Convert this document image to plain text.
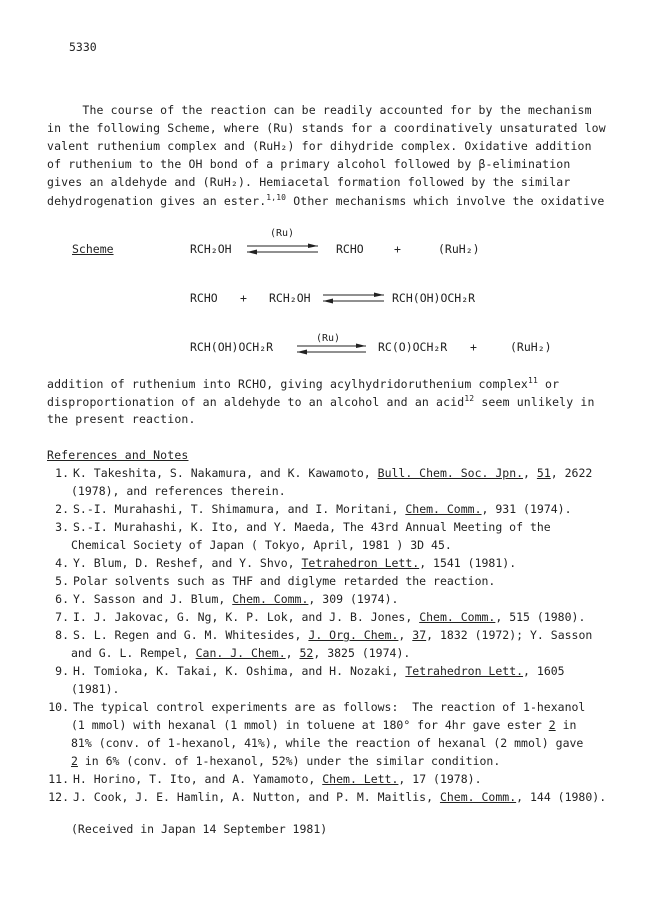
5330
The course of the reaction can be readily accounted for by the mechanism
in the following Scheme, where (Ru) stands for a coordinatively unsaturated low
valent ruthenium complex and (RuH₂) for dihydride complex. Oxidative addition
of ruthenium to the OH bond of a primary alcohol followed by β-elimination
gives an aldehyde and (RuH₂). Hemiacetal formation followed by the similar
dehydrogenation gives an ester.$^{1,10}$ Other mechanisms which involve the oxidative
Scheme	RCH₂OH
(Ru)
RCHO	+	(RuH₂)
RCHO + RCH₂OH	RCH(OH)OCH₂R
RCH(OH)OCH₂R
(Ru)
RC(O)OCH₂R +	(RuH₂)
addition of ruthenium into RCHO, giving acylhydridoruthenium complex$^{11}$ or
disproportionation of an aldehyde to an alcohol and an acid$^{12}$ seem unlikely in
the present reaction.
References and Notes
1. K. Takeshita, S. Nakamura, and K. Kawamoto, Bull. Chem. Soc. Jpn., 51, 2622
(1978), and references therein.
2. S.-I. Murahashi, T. Shimamura, and I. Moritani, Chem. Comm., 931 (1974).
3. S.-I. Murahashi, K. Ito, and Y. Maeda, The 43rd Annual Meeting of the
Chemical Society of Japan ( Tokyo, April, 1981 ) 3D 45.
4. Y. Blum, D. Reshef, and Y. Shvo, Tetrahedron Lett., 1541 (1981).
5. Polar solvents such as THF and diglyme retarded the reaction.
6. Y. Sasson and J. Blum, Chem. Comm., 309 (1974).
7. I. J. Jakovac, G. Ng, K. P. Lok, and J. B. Jones, Chem. Comm., 515 (1980).
8. S. L. Regen and G. M. Whitesides, J. Org. Chem., 37, 1832 (1972); Y. Sasson
and G. L. Rempel, Can. J. Chem., 52, 3825 (1974).
9. H. Tomioka, K. Takai, K. Oshima, and H. Nozaki, Tetrahedron Lett., 1605
(1981).
10. The typical control experiments are as follows:  The reaction of 1-hexanol
(1 mmol) with hexanal (1 mmol) in toluene at 180° for 4hr gave ester 2 in
81% (conv. of 1-hexanol, 41%), while the reaction of hexanal (2 mmol) gave
2 in 6% (conv. of 1-hexanol, 52%) under the similar condition.
11. H. Horino, T. Ito, and A. Yamamoto, Chem. Lett., 17 (1978).
12. J. Cook, J. E. Hamlin, A. Nutton, and P. M. Maitlis, Chem. Comm., 144 (1980).
(Received in Japan 14 September 1981)
